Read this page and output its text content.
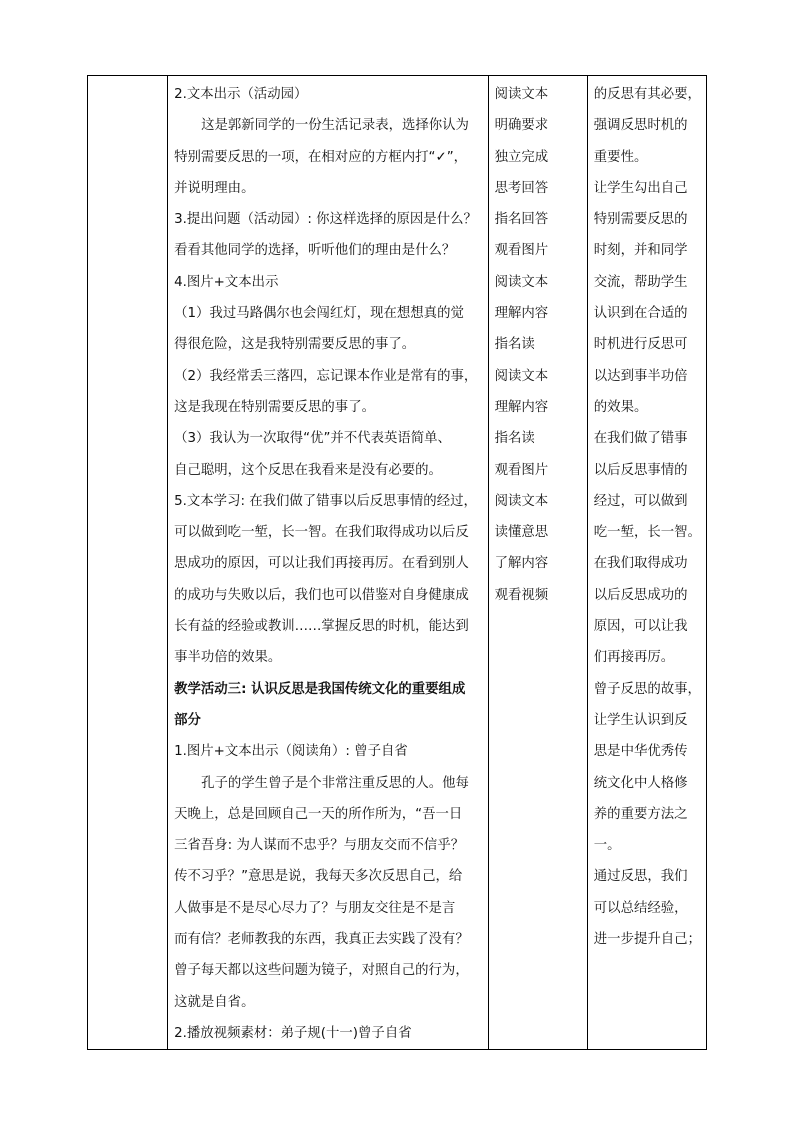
2.文本出示（活动园）
这是郭新同学的一份生活记录表，选择你认为
特别需要反思的一项，在相对应的方框内打“✓”，
并说明理由。
3.提出问题（活动园）: 你这样选择的原因是什么？
看看其他同学的选择，听听他们的理由是什么？
4.图片+文本出示
（1）我过马路偶尔也会闯红灯，现在想想真的觉
得很危险，这是我特别需要反思的事了。
（2）我经常丢三落四，忘记课本作业是常有的事，
这是我现在特别需要反思的事了。
（3）我认为一次取得“优”并不代表英语简单、
自己聪明，这个反思在我看来是没有必要的。
5.文本学习: 在我们做了错事以后反思事情的经过，
可以做到吃一堑，长一智。在我们取得成功以后反
思成功的原因，可以让我们再接再厉。在看到别人
的成功与失败以后，我们也可以借鉴对自身健康成
长有益的经验或教训……掌握反思的时机，能达到
事半功倍的效果。
教学活动三: 认识反思是我国传统文化的重要组成
部分
1.图片+文本出示（阅读角）: 曾子自省
孔子的学生曾子是个非常注重反思的人。他每
天晚上，总是回顾自己一天的所作所为，“吾一日
三省吾身: 为人谋而不忠乎？与朋友交而不信乎？
传不习乎？”意思是说，我每天多次反思自己，给
人做事是不是尽心尽力了？与朋友交往是不是言
而有信？老师教我的东西，我真正去实践了没有？
曾子每天都以这些问题为镜子，对照自己的行为，
这就是自省。
2.播放视频素材：弟子规(十一)曾子自省

阅读文本
明确要求
独立完成
思考回答
指名回答
观看图片
阅读文本
理解内容
指名读
阅读文本
理解内容
指名读
观看图片
阅读文本
读懂意思
了解内容
观看视频

的反思有其必要，
强调反思时机的
重要性。
让学生勾出自己
特别需要反思的
时刻，并和同学
交流，帮助学生
认识到在合适的
时机进行反思可
以达到事半功倍
的效果。
在我们做了错事
以后反思事情的
经过，可以做到
吃一堑，长一智。
在我们取得成功
以后反思成功的
原因，可以让我
们再接再厉。
曾子反思的故事，
让学生认识到反
思是中华优秀传
统文化中人格修
养的重要方法之
一。
通过反思，我们
可以总结经验，
进一步提升自己；
